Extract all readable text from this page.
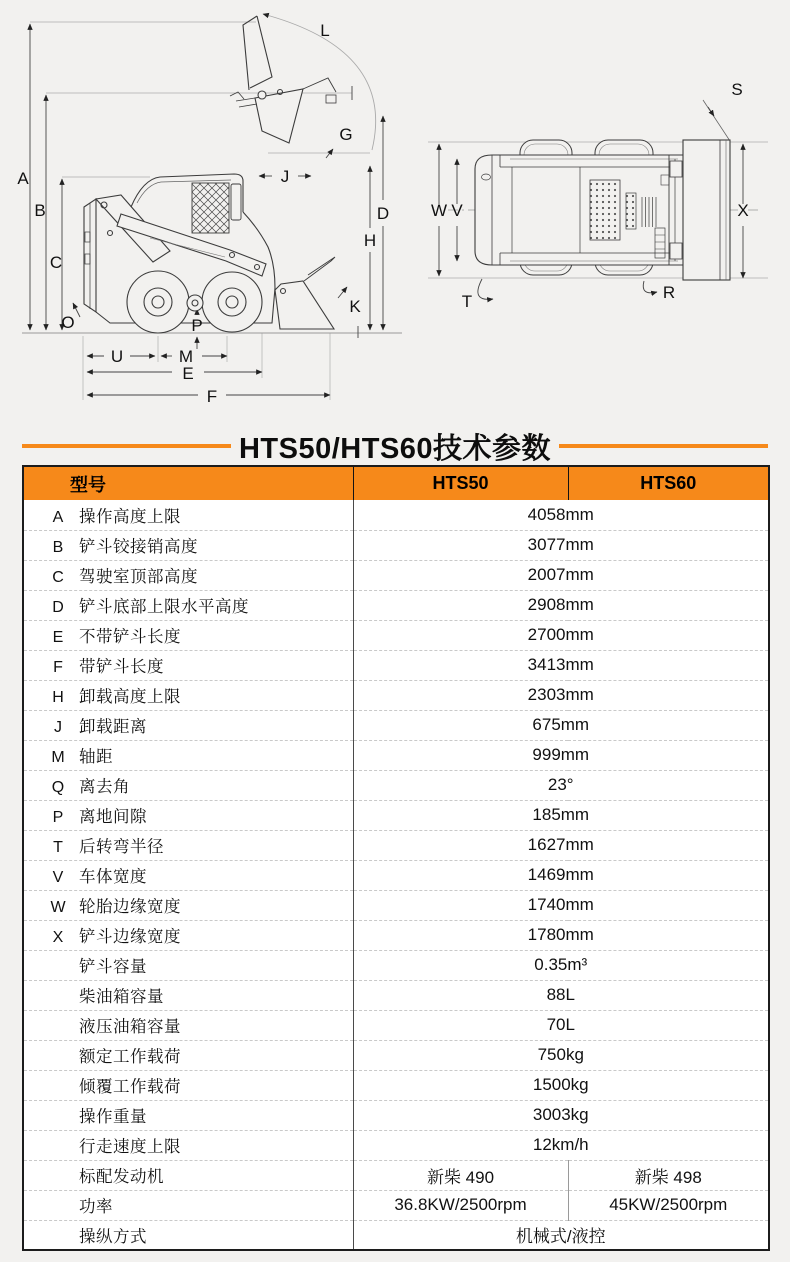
A
B
C
O
U	M
E
F
P
K
J
G
L
H
D W V
T
S
R
X
HTS50/HTS60技术参数
型号	HTS50	HTS60
A 操作高度上限	4058mm	
B 铲斗铰接销高度	3077mm	
C 驾驶室顶部高度	2007mm	
D 铲斗底部上限水平高度	2908mm	
E 不带铲斗长度	2700mm	
F 带铲斗长度	3413mm	
H 卸载高度上限	2303mm	
J 卸载距离	675mm	
M 轴距	999mm	
Q 离去角	23°	
P 离地间隙	185mm	
T 后转弯半径	1627mm	
V 车体宽度	1469mm	
W 轮胎边缘宽度	1740mm	
X 铲斗边缘宽度	1780mm	
铲斗容量	0.35m³	
柴油箱容量	88L	
液压油箱容量	70L	
额定工作载荷	750kg	
倾覆工作载荷	1500kg	
操作重量	3003kg	
行走速度上限	12km/h	
标配发动机	新柴 490	新柴 498
功率	36.8KW/2500rpm	45KW/2500rpm
操纵方式	机械式/液控	
